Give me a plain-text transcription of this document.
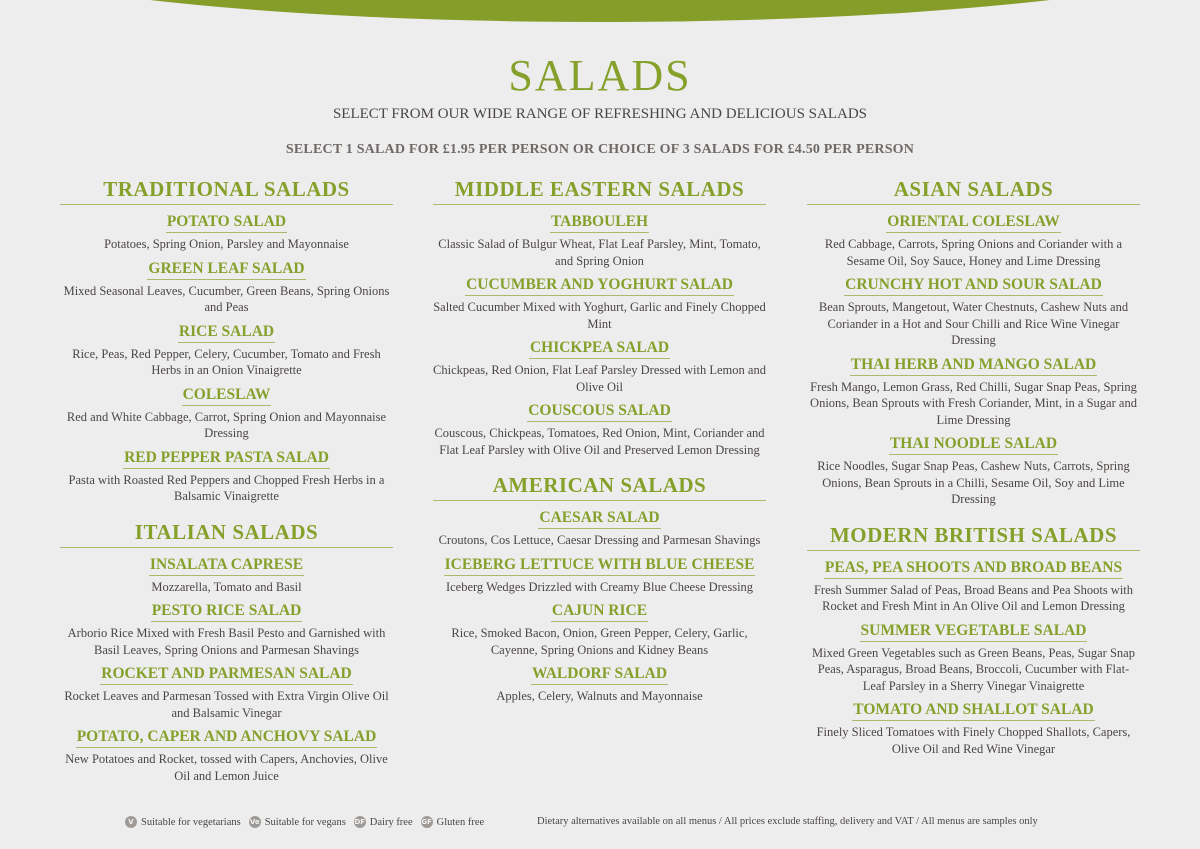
SALADS
SELECT FROM OUR WIDE RANGE OF REFRESHING AND DELICIOUS SALADS
SELECT 1 SALAD FOR £1.95 PER PERSON OR CHOICE OF 3 SALADS FOR £4.50 PER PERSON
TRADITIONAL SALADS
POTATO SALAD
Potatoes, Spring Onion, Parsley and Mayonnaise
GREEN LEAF SALAD
Mixed Seasonal Leaves, Cucumber, Green Beans, Spring Onions and Peas
RICE SALAD
Rice, Peas, Red Pepper, Celery, Cucumber, Tomato and Fresh Herbs in an Onion Vinaigrette
COLESLAW
Red and White Cabbage, Carrot, Spring Onion and Mayonnaise Dressing
RED PEPPER PASTA SALAD
Pasta with Roasted Red Peppers and Chopped Fresh Herbs in a Balsamic Vinaigrette
ITALIAN SALADS
INSALATA CAPRESE
Mozzarella, Tomato and Basil
PESTO RICE SALAD
Arborio Rice Mixed with Fresh Basil Pesto and Garnished with Basil Leaves, Spring Onions and Parmesan Shavings
ROCKET AND PARMESAN SALAD
Rocket Leaves and Parmesan Tossed with Extra Virgin Olive Oil and Balsamic Vinegar
POTATO, CAPER AND ANCHOVY SALAD
New Potatoes and Rocket, tossed with Capers, Anchovies, Olive Oil and Lemon Juice
MIDDLE EASTERN SALADS
TABBOULEH
Classic Salad of Bulgur Wheat, Flat Leaf Parsley, Mint, Tomato, and Spring Onion
CUCUMBER AND YOGHURT SALAD
Salted Cucumber Mixed with Yoghurt, Garlic and Finely Chopped Mint
CHICKPEA SALAD
Chickpeas, Red Onion, Flat Leaf Parsley Dressed with Lemon and Olive Oil
COUSCOUS SALAD
Couscous, Chickpeas, Tomatoes, Red Onion, Mint, Coriander and Flat Leaf Parsley with Olive Oil and Preserved Lemon Dressing
AMERICAN SALADS
CAESAR SALAD
Croutons, Cos Lettuce, Caesar Dressing and Parmesan Shavings
ICEBERG LETTUCE WITH BLUE CHEESE
Iceberg Wedges Drizzled with Creamy Blue Cheese Dressing
CAJUN RICE
Rice, Smoked Bacon, Onion, Green Pepper, Celery, Garlic, Cayenne, Spring Onions and Kidney Beans
WALDORF SALAD
Apples, Celery, Walnuts and Mayonnaise
ASIAN SALADS
ORIENTAL COLESLAW
Red Cabbage, Carrots, Spring Onions and Coriander with a Sesame Oil, Soy Sauce, Honey and Lime Dressing
CRUNCHY HOT AND SOUR SALAD
Bean Sprouts, Mangetout, Water Chestnuts, Cashew Nuts and Coriander in a Hot and Sour Chilli and Rice Wine Vinegar Dressing
THAI HERB AND MANGO SALAD
Fresh Mango, Lemon Grass, Red Chilli, Sugar Snap Peas, Spring Onions, Bean Sprouts with Fresh Coriander, Mint, in a Sugar and Lime Dressing
THAI NOODLE SALAD
Rice Noodles, Sugar Snap Peas, Cashew Nuts, Carrots, Spring Onions, Bean Sprouts in a Chilli, Sesame Oil, Soy and Lime Dressing
MODERN BRITISH SALADS
PEAS, PEA SHOOTS AND BROAD BEANS
Fresh Summer Salad of Peas, Broad Beans and Pea Shoots with Rocket and Fresh Mint in An Olive Oil and Lemon Dressing
SUMMER VEGETABLE SALAD
Mixed Green Vegetables such as Green Beans, Peas, Sugar Snap Peas, Asparagus, Broad Beans, Broccoli, Cucumber with Flat-Leaf Parsley in a Sherry Vinegar Vinaigrette
TOMATO AND SHALLOT SALAD
Finely Sliced Tomatoes with Finely Chopped Shallots, Capers, Olive Oil and Red Wine Vinegar
V Suitable for vegetarians Ve Suitable for vegans DF Dairy free GF Gluten free	Dietary alternatives available on all menus / All prices exclude staffing, delivery and VAT / All menus are samples only
